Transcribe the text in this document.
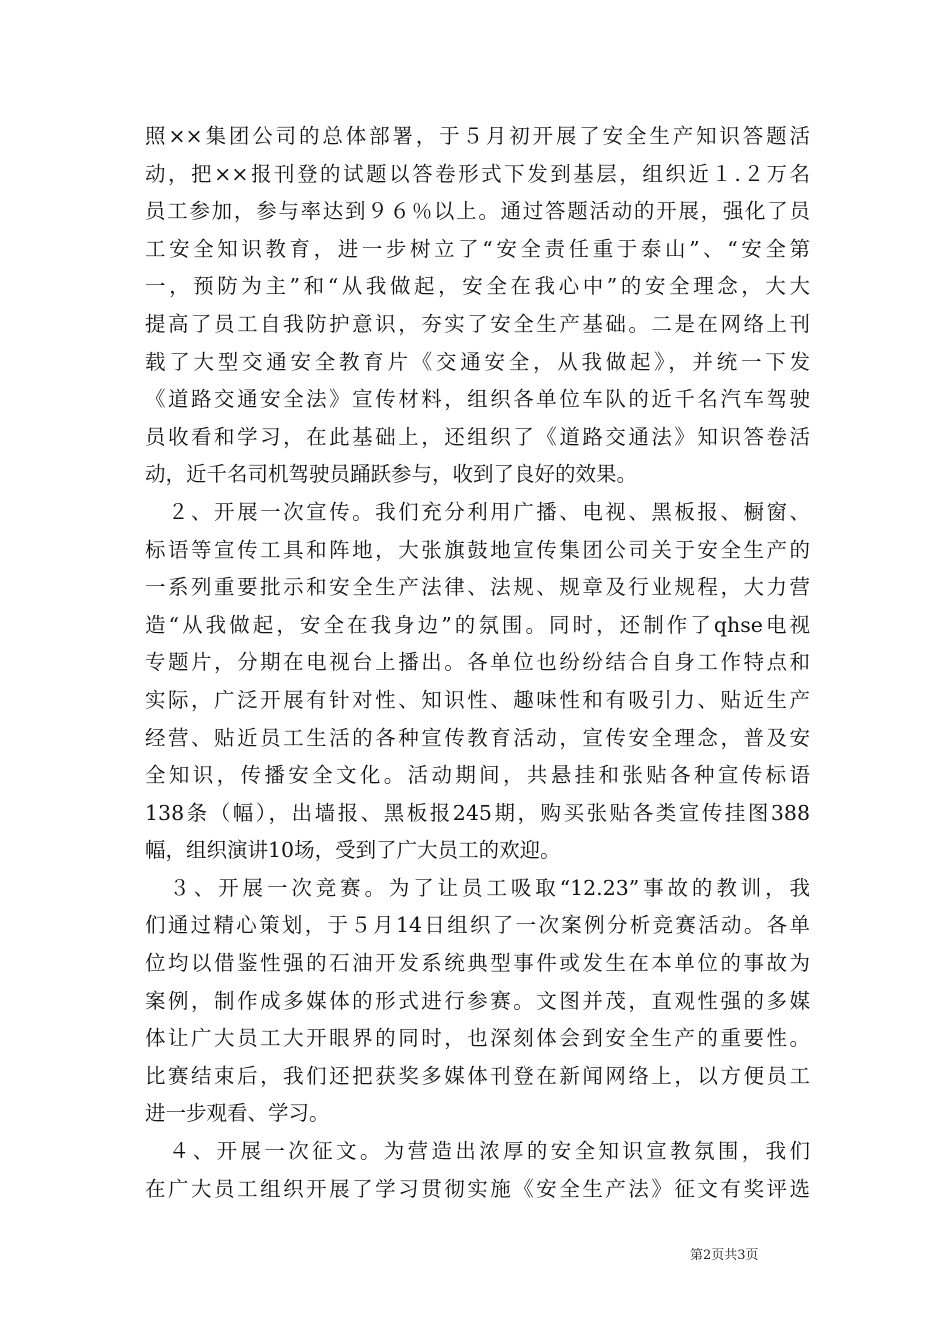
照××集团公司的总体部署，于５月初开展了安全生产知识答题活
动，把××报刊登的试题以答卷形式下发到基层，组织近１.２万名
员工参加，参与率达到９６％以上。通过答题活动的开展，强化了员
工安全知识教育，进一步树立了“安全责任重于泰山”、“安全第
一，预防为主”和“从我做起，安全在我心中”的安全理念，大大
提高了员工自我防护意识，夯实了安全生产基础。二是在网络上刊
载了大型交通安全教育片《交通安全，从我做起》，并统一下发
《道路交通安全法》宣传材料，组织各单位车队的近千名汽车驾驶
员收看和学习，在此基础上，还组织了《道路交通法》知识答卷活
动，近千名司机驾驶员踊跃参与，收到了良好的效果。
　２、开展一次宣传。我们充分利用广播、电视、黑板报、橱窗、
标语等宣传工具和阵地，大张旗鼓地宣传集团公司关于安全生产的
一系列重要批示和安全生产法律、法规、规章及行业规程，大力营
造“从我做起，安全在我身边”的氛围。同时，还制作了qhse电视
专题片，分期在电视台上播出。各单位也纷纷结合自身工作特点和
实际，广泛开展有针对性、知识性、趣味性和有吸引力、贴近生产
经营、贴近员工生活的各种宣传教育活动，宣传安全理念，普及安
全知识，传播安全文化。活动期间，共悬挂和张贴各种宣传标语
138条（幅），出墙报、黑板报245期，购买张贴各类宣传挂图388
幅，组织演讲10场，受到了广大员工的欢迎。
　３、开展一次竞赛。为了让员工吸取“12.23”事故的教训，我
们通过精心策划，于５月14日组织了一次案例分析竞赛活动。各单
位均以借鉴性强的石油开发系统典型事件或发生在本单位的事故为
案例，制作成多媒体的形式进行参赛。文图并茂，直观性强的多媒
体让广大员工大开眼界的同时，也深刻体会到安全生产的重要性。
比赛结束后，我们还把获奖多媒体刊登在新闻网络上，以方便员工
进一步观看、学习。
　４、开展一次征文。为营造出浓厚的安全知识宣教氛围，我们
在广大员工组织开展了学习贯彻实施《安全生产法》征文有奖评选
第2页共3页
